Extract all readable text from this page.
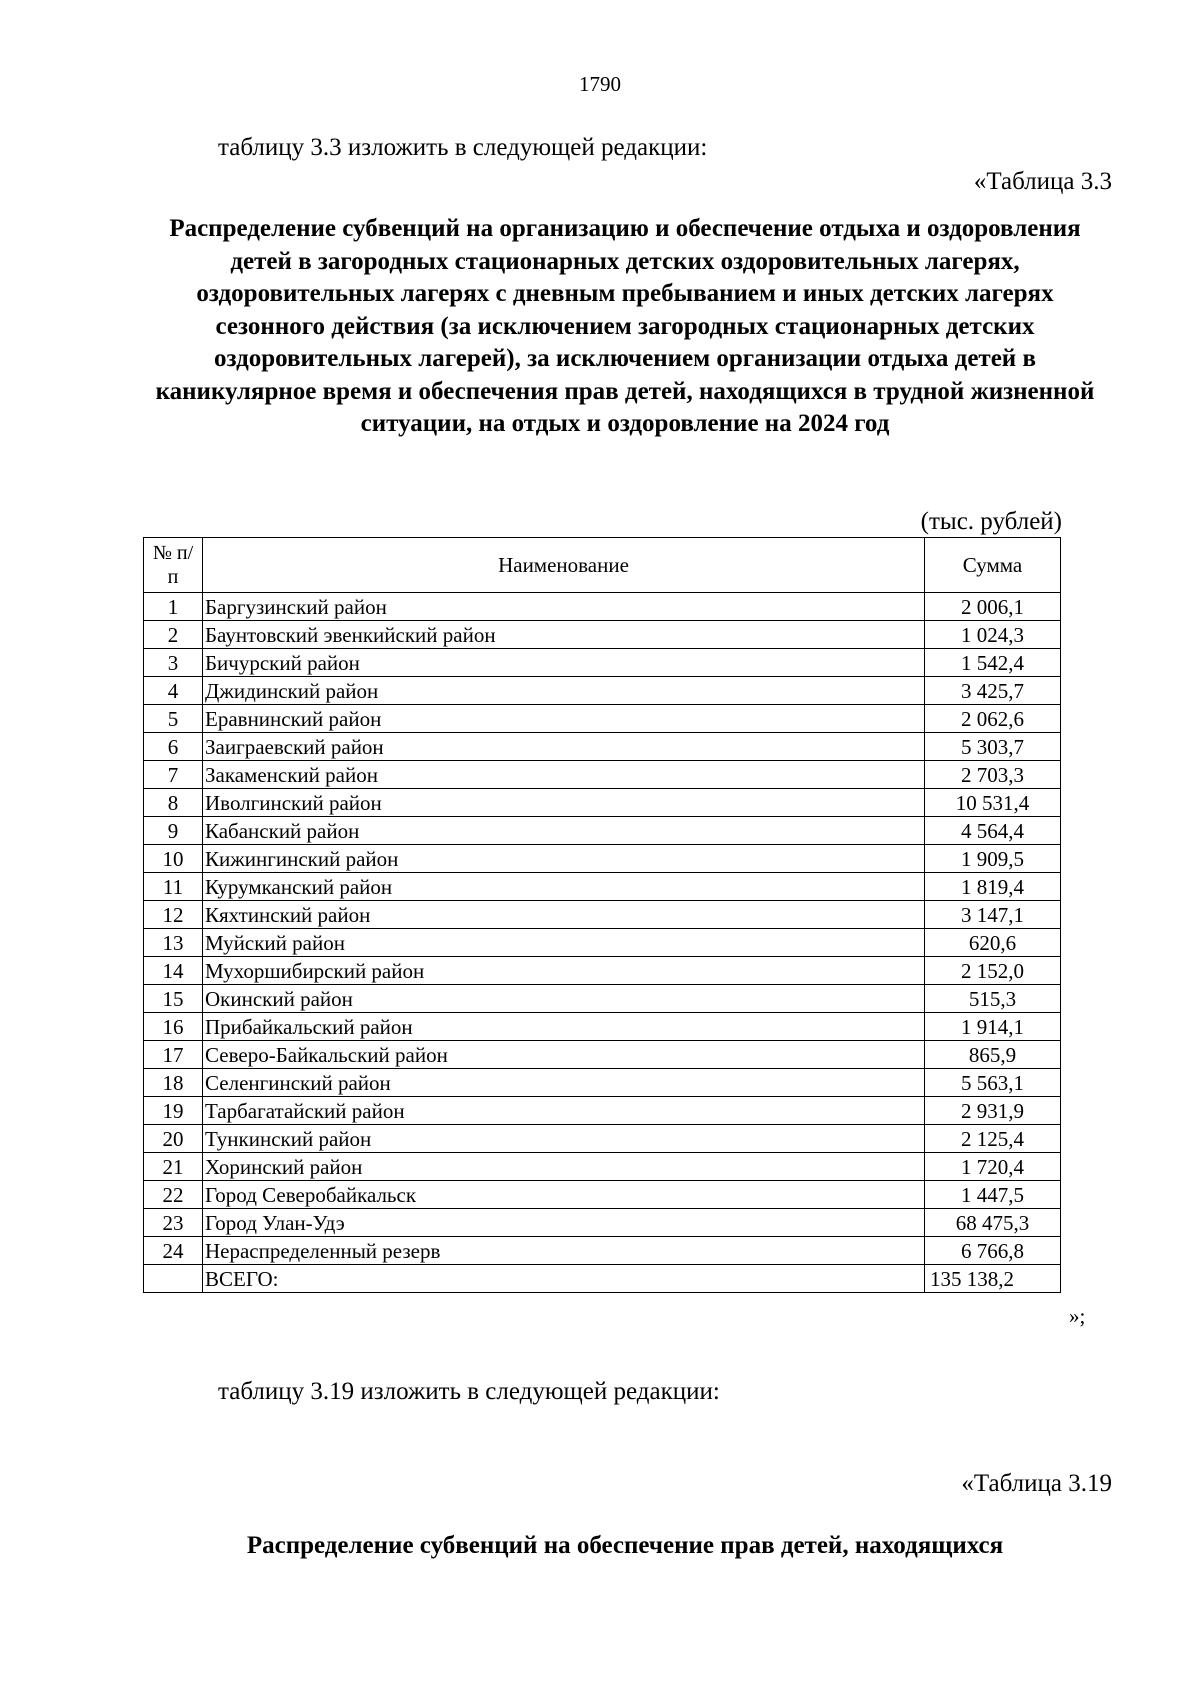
1790
таблицу 3.3 изложить в следующей редакции:
«Таблица 3.3
Распределение субвенций на организацию и обеспечение отдыха и оздоровления детей в загородных стационарных детских оздоровительных лагерях, оздоровительных лагерях с дневным пребыванием и иных детских лагерях сезонного действия (за исключением загородных стационарных детских оздоровительных лагерей), за исключением организации отдыха детей в каникулярное время и обеспечения прав детей, находящихся в трудной жизненной ситуации, на отдых и оздоровление на 2024 год
(тыс. рублей)
№ п/п	Наименование	Сумма
1	Баргузинский район	2 006,1
2	Баунтовский эвенкийский район	1 024,3
3	Бичурский район	1 542,4
4	Джидинский район	3 425,7
5	Еравнинский район	2 062,6
6	Заиграевский район	5 303,7
7	Закаменский район	2 703,3
8	Иволгинский район	10 531,4
9	Кабанский район	4 564,4
10	Кижингинский район	1 909,5
11	Курумканский район	1 819,4
12	Кяхтинский район	3 147,1
13	Муйский район	620,6
14	Мухоршибирский район	2 152,0
15	Окинский район	515,3
16	Прибайкальский район	1 914,1
17	Северо-Байкальский район	865,9
18	Селенгинский район	5 563,1
19	Тарбагатайский район	2 931,9
20	Тункинский район	2 125,4
21	Хоринский район	1 720,4
22	Город Северобайкальск	1 447,5
23	Город Улан-Удэ	68 475,3
24	Нераспределенный резерв	6 766,8
	ВСЕГО:	135 138,2
»;
таблицу 3.19 изложить в следующей редакции:
«Таблица 3.19
Распределение субвенций на обеспечение прав детей, находящихся
